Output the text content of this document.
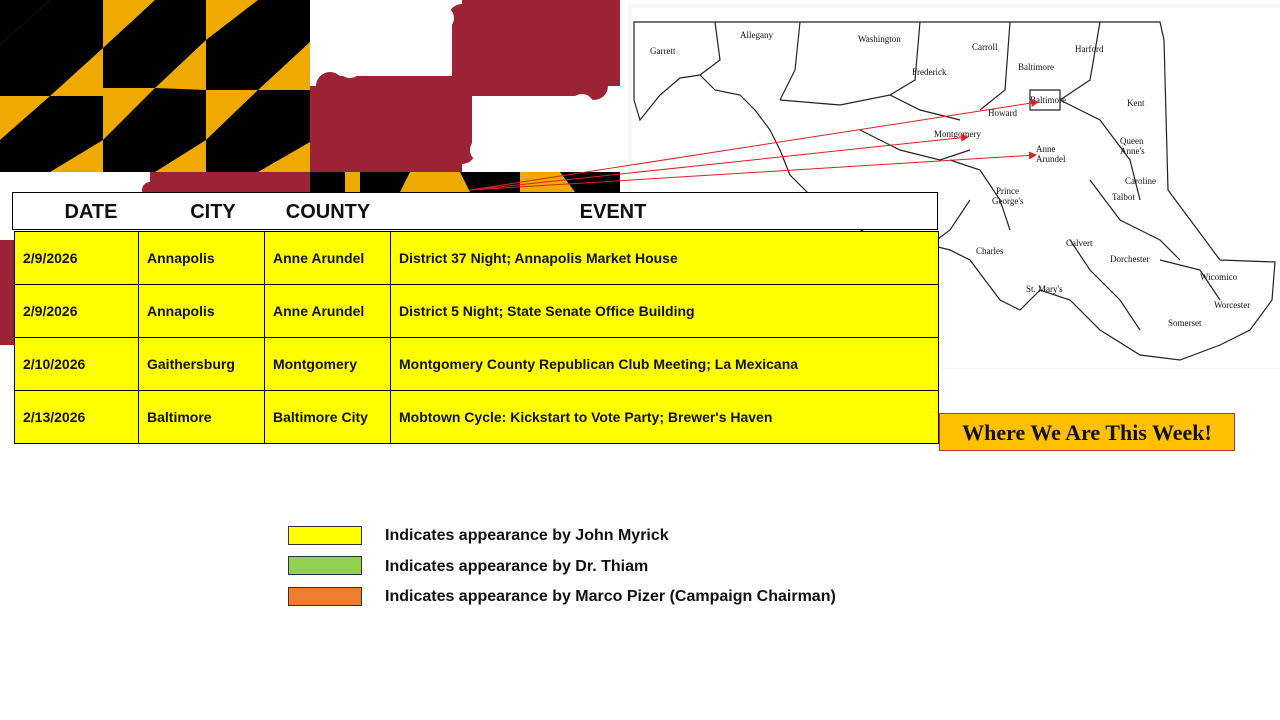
Garrett
Allegany	Washington
Carroll	Harford
Frederick	Baltimore
Kent
Howard
Montgomery
Queen
Anne's
Caroline
Prince
George's	Talbot
Calvert
Charles
Dorchester
Wicomico
St. Mary's
Somerset
Worcester
Baltimore
Anne
Arundel
DATE	CITY	COUNTY	EVENT
2/9/2026	Annapolis	Anne Arundel	District 37 Night; Annapolis Market House
2/9/2026	Annapolis	Anne Arundel	District 5 Night; State Senate Office Building
2/10/2026	Gaithersburg	Montgomery	Montgomery County Republican Club Meeting; La Mexicana
2/13/2026	Baltimore	Baltimore City	Mobtown Cycle: Kickstart to Vote Party; Brewer's Haven
Where We Are This Week!
Indicates appearance by John Myrick
Indicates appearance by Dr. Thiam
Indicates appearance by Marco Pizer (Campaign Chairman)
